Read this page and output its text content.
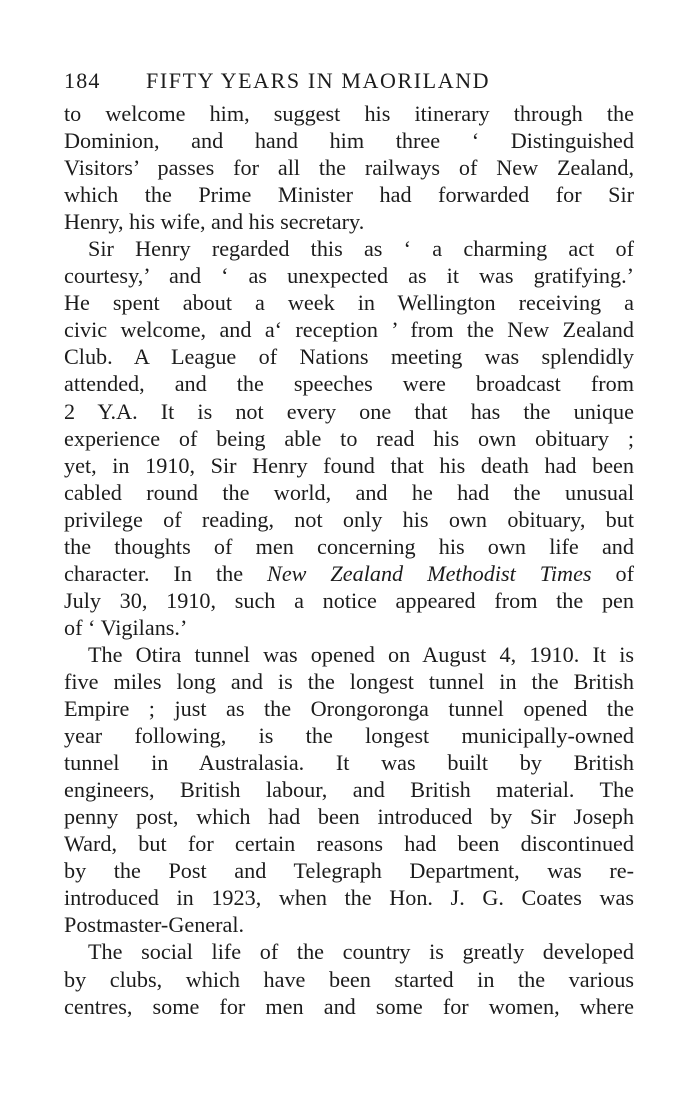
184 FIFTY YEARS IN MAORILAND
to welcome him, suggest his itinerary through the
Dominion, and hand him three ‘ Distinguished
Visitors’ passes for all the railways of New Zealand,
which the Prime Minister had forwarded for Sir
Henry, his wife, and his secretary.
Sir Henry regarded this as ‘ a charming act of
courtesy,’ and ‘ as unexpected as it was gratifying.’
He spent about a week in Wellington receiving a
civic welcome, and a‘ reception ’ from the New Zealand
Club. A League of Nations meeting was splendidly
attended, and the speeches were broadcast from
2 Y.A. It is not every one that has the unique
experience of being able to read his own obituary ;
yet, in 1910, Sir Henry found that his death had been
cabled round the world, and he had the unusual
privilege of reading, not only his own obituary, but
the thoughts of men concerning his own life and
character. In the New Zealand Methodist Times of
July 30, 1910, such a notice appeared from the pen
of ‘ Vigilans.’
The Otira tunnel was opened on August 4, 1910. It is
five miles long and is the longest tunnel in the British
Empire ; just as the Orongoronga tunnel opened the
year following, is the longest municipally-owned
tunnel in Australasia. It was built by British
engineers, British labour, and British material. The
penny post, which had been introduced by Sir Joseph
Ward, but for certain reasons had been discontinued
by the Post and Telegraph Department, was re-
introduced in 1923, when the Hon. J. G. Coates was
Postmaster-General.
The social life of the country is greatly developed
by clubs, which have been started in the various
centres, some for men and some for women, where
